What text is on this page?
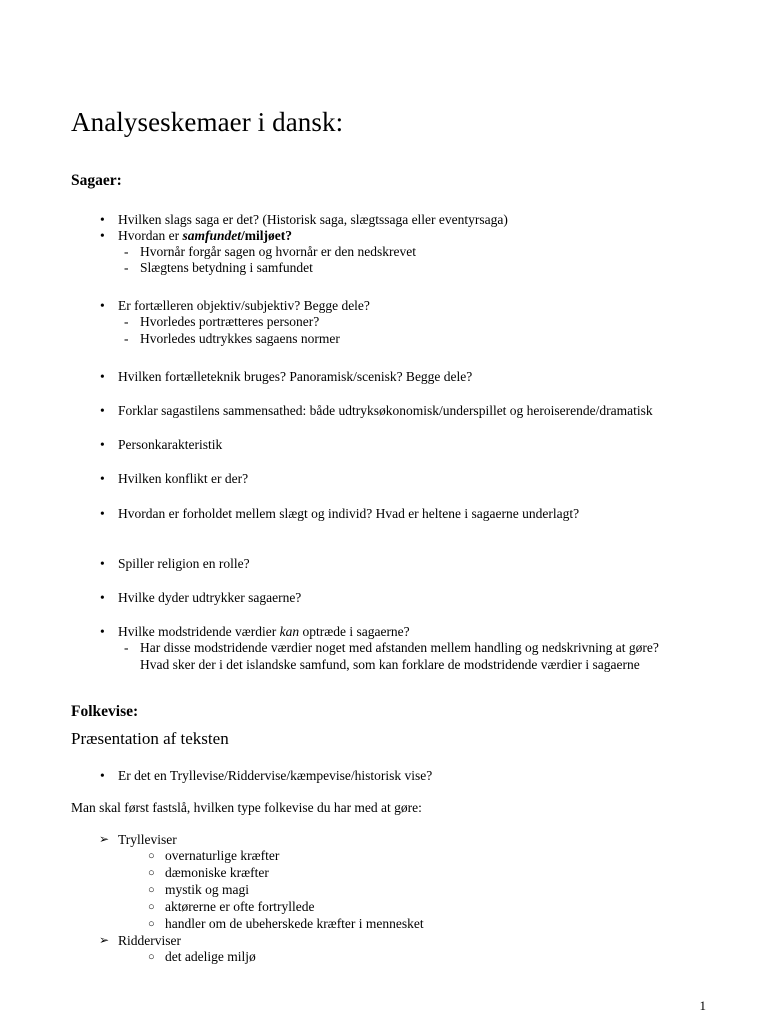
Analyseskemaer i dansk:
Sagaer:
• Hvilken slags saga er det? (Historisk saga, slægtssaga eller eventyrsaga)
• Hvordan er samfundet/miljøet?
- Hvornår forgår sagen og hvornår er den nedskrevet
- Slægtens betydning i samfundet
• Er fortælleren objektiv/subjektiv? Begge dele?
- Hvorledes portrætteres personer?
- Hvorledes udtrykkes sagaens normer
• Hvilken fortælleteknik bruges? Panoramisk/scenisk? Begge dele?
• Forklar sagastilens sammensathed: både udtryksøkonomisk/underspillet og heroiserende/dramatisk
• Personkarakteristik
• Hvilken konflikt er der?
• Hvordan er forholdet mellem slægt og individ? Hvad er heltene i sagaerne underlagt?
• Spiller religion en rolle?
• Hvilke dyder udtrykker sagaerne?
• Hvilke modstridende værdier kan optræde i sagaerne?
- Har disse modstridende værdier noget med afstanden mellem handling og nedskrivning at gøre?
Hvad sker der i det islandske samfund, som kan forklare de modstridende værdier i sagaerne
Folkevise:
Præsentation af teksten
• Er det en Tryllevise/Riddervise/kæmpevise/historisk vise?

Man skal først fastslå, hvilken type folkevise du har med at gøre:

➢ Trylleviser
○ overnaturlige kræfter
○ dæmoniske kræfter
○ mystik og magi
○ aktørerne er ofte fortryllede
○ handler om de ubeherskede kræfter i mennesket
➢ Ridderviser
○ det adelige miljø
1
